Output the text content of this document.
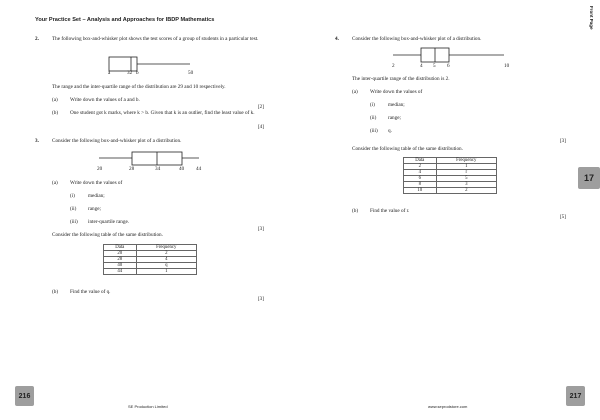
Your Practice Set – Analysis and Approaches for IBDP Mathematics	Front Page
17
2.	The following box-and-whisker plot shows the test scores of a group of students in a particular test.
a	32 b	50
The range and the inter-quartile range of the distribution are 29 and 10 respectively.
(a) Write down the values of a and b.
[2]
(b) One student got k marks, where k > b. Given that k is an outlier, find the least value of k.
[4]
3.	Consider the following box-and-whisker plot of a distribution.
20	28	34	40 44
(a) Write down the values of
(i)	median;
(ii) range;
(iii) inter-quartile range.
[3]
Consider the following table of the same distribution.
Data	Frequency
20	2
28	4
40	q
44	1
(b) Find the value of q.
[3]
4.	Consider the following box-and-whisker plot of a distribution.
2	4 5 6	10
The inter-quartile range of the distribution is 2.
(a) Write down the values of
(i)	median;
(ii) range;
(iii) q.
[3]
Consider the following table of the same distribution.
Data	Frequency
2	1
4	r
6	5
8	3
10	2
(b) Find the value of r.
[5]
216
SE Production Limited
217
www.seprodstore.com
